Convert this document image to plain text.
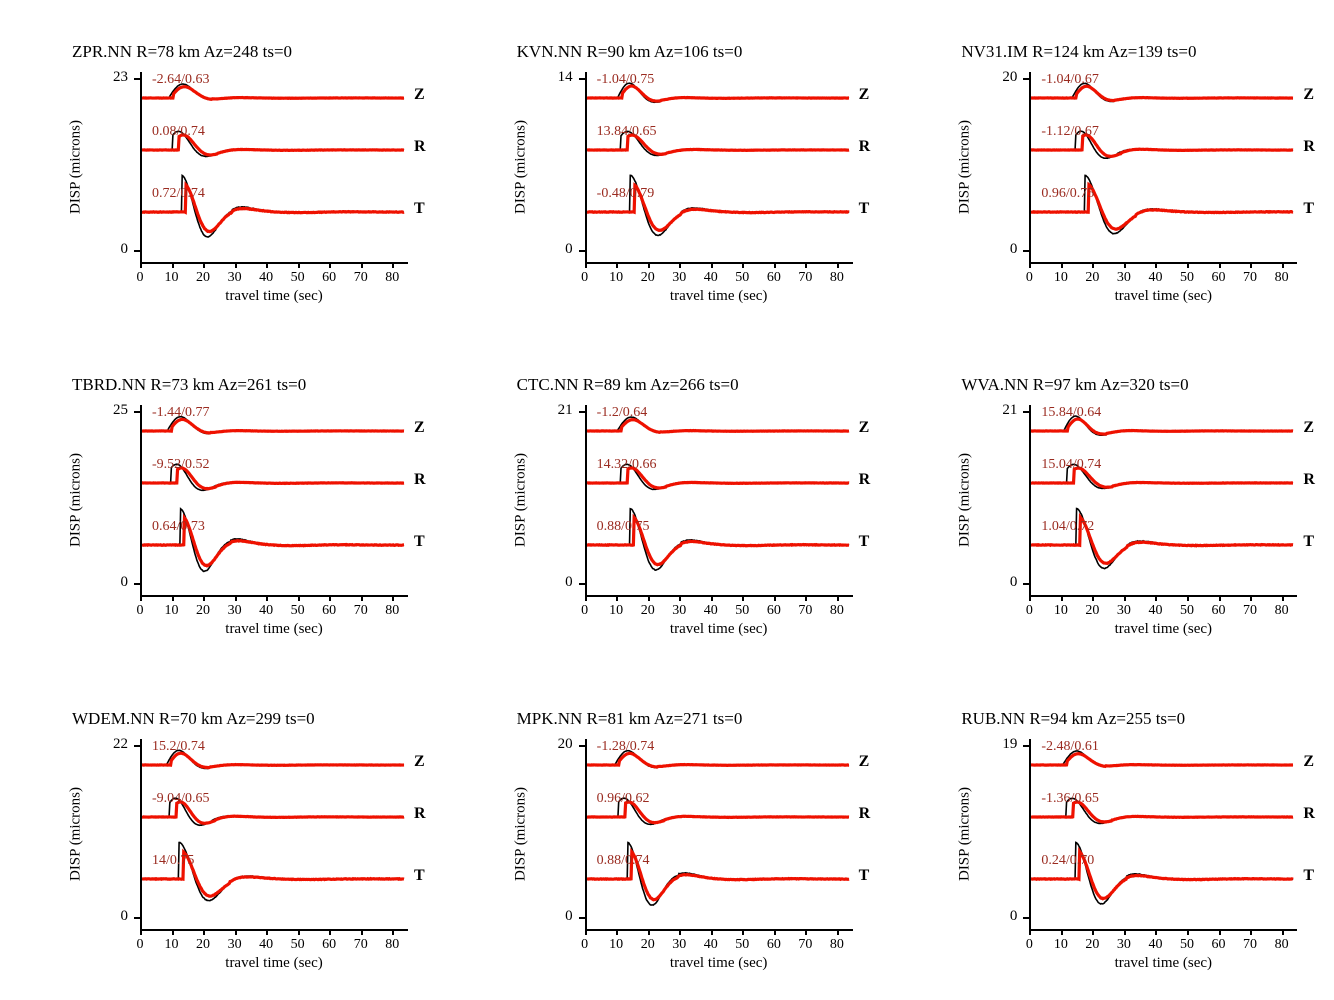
ZPR.NN R=78 km Az=248 ts=0
0 10 20 30 40 50 60 70 80
23
0
DISP (microns)
travel time (sec)
Z
-2.64/0.63
R
0.08/0.74
T
0.72/0.74
KVN.NN R=90 km Az=106 ts=0
0 10 20 30 40 50 60 70 80
14
0
DISP (microns)
travel time (sec)
Z
-1.04/0.75
R
13.84/0.65
T
-0.48/0.79
NV31.IM R=124 km Az=139 ts=0
0 10 20 30 40 50 60 70 80
20
0
DISP (microns)
travel time (sec)
Z
-1.04/0.67
R
-1.12/0.67
T
0.96/0.75
TBRD.NN R=73 km Az=261 ts=0
0 10 20 30 40 50 60 70 80
25
0
DISP (microns)
travel time (sec)
Z
-1.44/0.77
R
-9.52/0.52
T
0.64/0.73
CTC.NN R=89 km Az=266 ts=0
0 10 20 30 40 50 60 70 80
21
0
DISP (microns)
travel time (sec)
Z
-1.2/0.64
R
14.32/0.66
T
0.88/0.75
WVA.NN R=97 km Az=320 ts=0
0 10 20 30 40 50 60 70 80
21
0
DISP (microns)
travel time (sec)
Z
15.84/0.64
R
15.04/0.74
T
1.04/0.72
WDEM.NN R=70 km Az=299 ts=0
0 10 20 30 40 50 60 70 80
22
0
DISP (microns)
travel time (sec)
Z
15.2/0.74
R
-9.04/0.65
T
14/0.75
MPK.NN R=81 km Az=271 ts=0
0 10 20 30 40 50 60 70 80
20
0
DISP (microns)
travel time (sec)
Z
-1.28/0.74
R
0.96/0.62
T
0.88/0.74
RUB.NN R=94 km Az=255 ts=0
0 10 20 30 40 50 60 70 80
19
0
DISP (microns)
travel time (sec)
Z
-2.48/0.61
R
-1.36/0.65
T
0.24/0.70
